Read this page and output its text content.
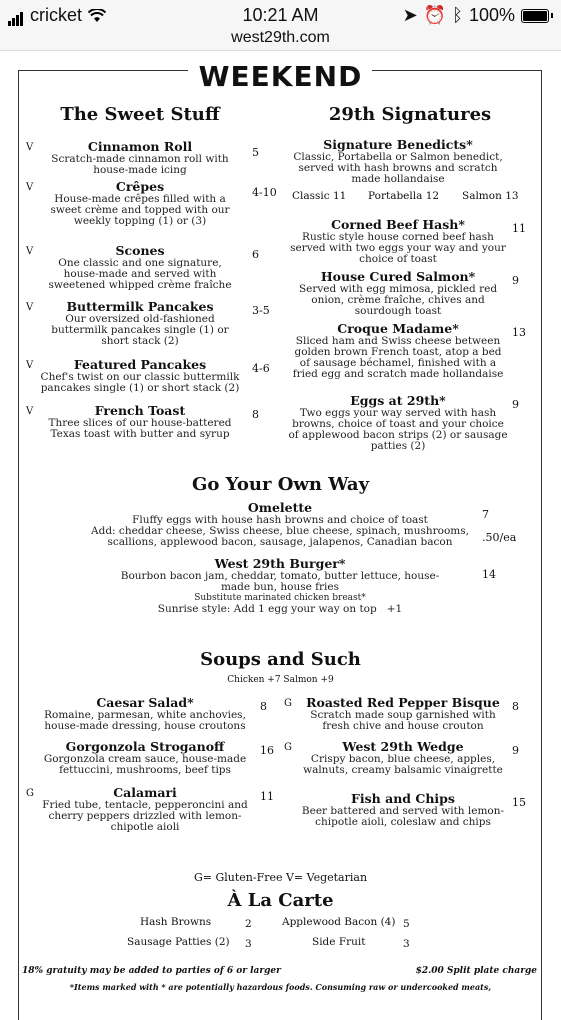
cricket	10:21 AM
west29th.com
➤ ⏰ ᛒ 100%
WEEKEND
The Sweet Stuff
Cinnamon Roll
Scratch-made cinnamon roll with house-made icing
V	5
Crêpes
House-made crêpes filled with a sweet crème and topped with our weekly topping (1) or (3)
V	4-10
Scones
One classic and one signature, house-made and served with sweetened whipped crème fraîche
V	6
Buttermilk Pancakes
Our oversized old-fashioned buttermilk pancakes single (1) or short stack (2)
V	3-5
Featured Pancakes
Chef's twist on our classic buttermilk pancakes single (1) or short stack (2)
V	4-6
French Toast
Three slices of our house-battered Texas toast with butter and syrup
V	8
29th Signatures
Signature Benedicts*
Classic, Portabella or Salmon benedict, served with hash browns and scratch made hollandaise
Corned Beef Hash*
Rustic style house corned beef hash served with two eggs your way and your choice of toast
11
House Cured Salmon*
Served with egg mimosa, pickled red onion, crème fraîche, chives and sourdough toast
9
Croque Madame*
Sliced ham and Swiss cheese between golden brown French toast, atop a bed of sausage béchamel, finished with a fried egg and scratch made hollandaise
13
Eggs at 29th*
Two eggs your way served with hash browns, choice of toast and your choice of applewood bacon strips (2) or sausage patties (2)
9
Classic 11 Portabella 12 Salmon 13
Go Your Own Way
Omelette
Fluffy eggs with house hash browns and choice of toast
Add: cheddar cheese, Swiss cheese, blue cheese, spinach, mushrooms, scallions, applewood bacon, sausage, jalapenos, Canadian bacon
7
.50/ea
West 29th Burger*
Bourbon bacon jam, cheddar, tomato, butter lettuce, house-made bun, house fries
Substitute marinated chicken breast*
Sunrise style: Add 1 egg your way on top +1
14
Soups and Such
Chicken +7 Salmon +9
Caesar Salad*
Romaine, parmesan, white anchovies, house-made dressing, house croutons
8
Gorgonzola Stroganoff
Gorgonzola cream sauce, house-made fettuccini, mushrooms, beef tips
16
Calamari
Fried tube, tentacle, pepperoncini and cherry peppers drizzled with lemon-chipotle aioli
G	11
Roasted Red Pepper Bisque
Scratch made soup garnished with fresh chive and house crouton
G	8
West 29th Wedge
Crispy bacon, blue cheese, apples, walnuts, creamy balsamic vinaigrette
G	9
Fish and Chips
Beer battered and served with lemon-chipotle aioli, coleslaw and chips
15
G= Gluten-Free V= Vegetarian
À La Carte
Hash Browns	2	Applewood Bacon (4) 5
Sausage Patties (2) 3	Side Fruit	3
18% gratuity may be added to parties of 6 or larger	$2.00 Split plate charge
*Items marked with * are potentially hazardous foods. Consuming raw or undercooked meats,
